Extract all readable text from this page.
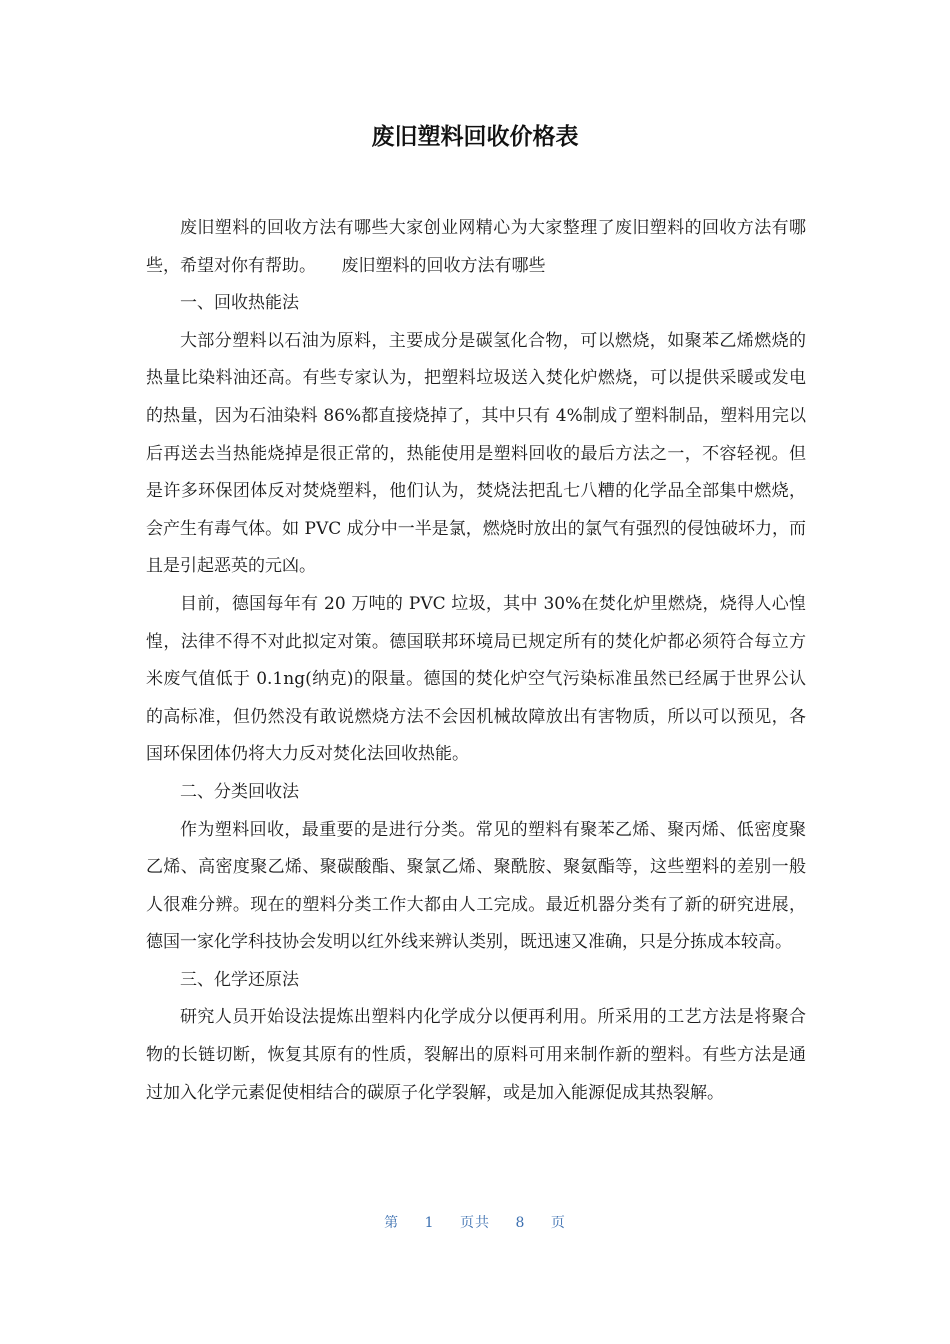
废旧塑料回收价格表

废旧塑料的回收方法有哪些大家创业网精心为大家整理了废旧塑料的回收方法有哪些，希望对你有帮助。　　废旧塑料的回收方法有哪些

一、回收热能法

大部分塑料以石油为原料，主要成分是碳氢化合物，可以燃烧，如聚苯乙烯燃烧的热量比染料油还高。有些专家认为，把塑料垃圾送入焚化炉燃烧，可以提供采暖或发电的热量，因为石油染料 86%都直接烧掉了，其中只有 4%制成了塑料制品，塑料用完以后再送去当热能烧掉是很正常的，热能使用是塑料回收的最后方法之一，不容轻视。但是许多环保团体反对焚烧塑料，他们认为，焚烧法把乱七八糟的化学品全部集中燃烧，会产生有毒气体。如 PVC 成分中一半是氯，燃烧时放出的氯气有强烈的侵蚀破坏力，而且是引起恶英的元凶。

目前，德国每年有 20 万吨的 PVC 垃圾，其中 30%在焚化炉里燃烧，烧得人心惶惶，法律不得不对此拟定对策。德国联邦环境局已规定所有的焚化炉都必须符合每立方米废气值低于 0.1ng(纳克)的限量。德国的焚化炉空气污染标准虽然已经属于世界公认的高标准，但仍然没有敢说燃烧方法不会因机械故障放出有害物质，所以可以预见，各国环保团体仍将大力反对焚化法回收热能。

二、分类回收法

作为塑料回收，最重要的是进行分类。常见的塑料有聚苯乙烯、聚丙烯、低密度聚乙烯、高密度聚乙烯、聚碳酸酯、聚氯乙烯、聚酰胺、聚氨酯等，这些塑料的差别一般人很难分辨。现在的塑料分类工作大都由人工完成。最近机器分类有了新的研究进展，德国一家化学科技协会发明以红外线来辨认类别，既迅速又准确，只是分拣成本较高。

三、化学还原法

研究人员开始设法提炼出塑料内化学成分以便再利用。所采用的工艺方法是将聚合物的长链切断，恢复其原有的性质，裂解出的原料可用来制作新的塑料。有些方法是通过加入化学元素促使相结合的碳原子化学裂解，或是加入能源促成其热裂解。

第 1 页共 8 页
